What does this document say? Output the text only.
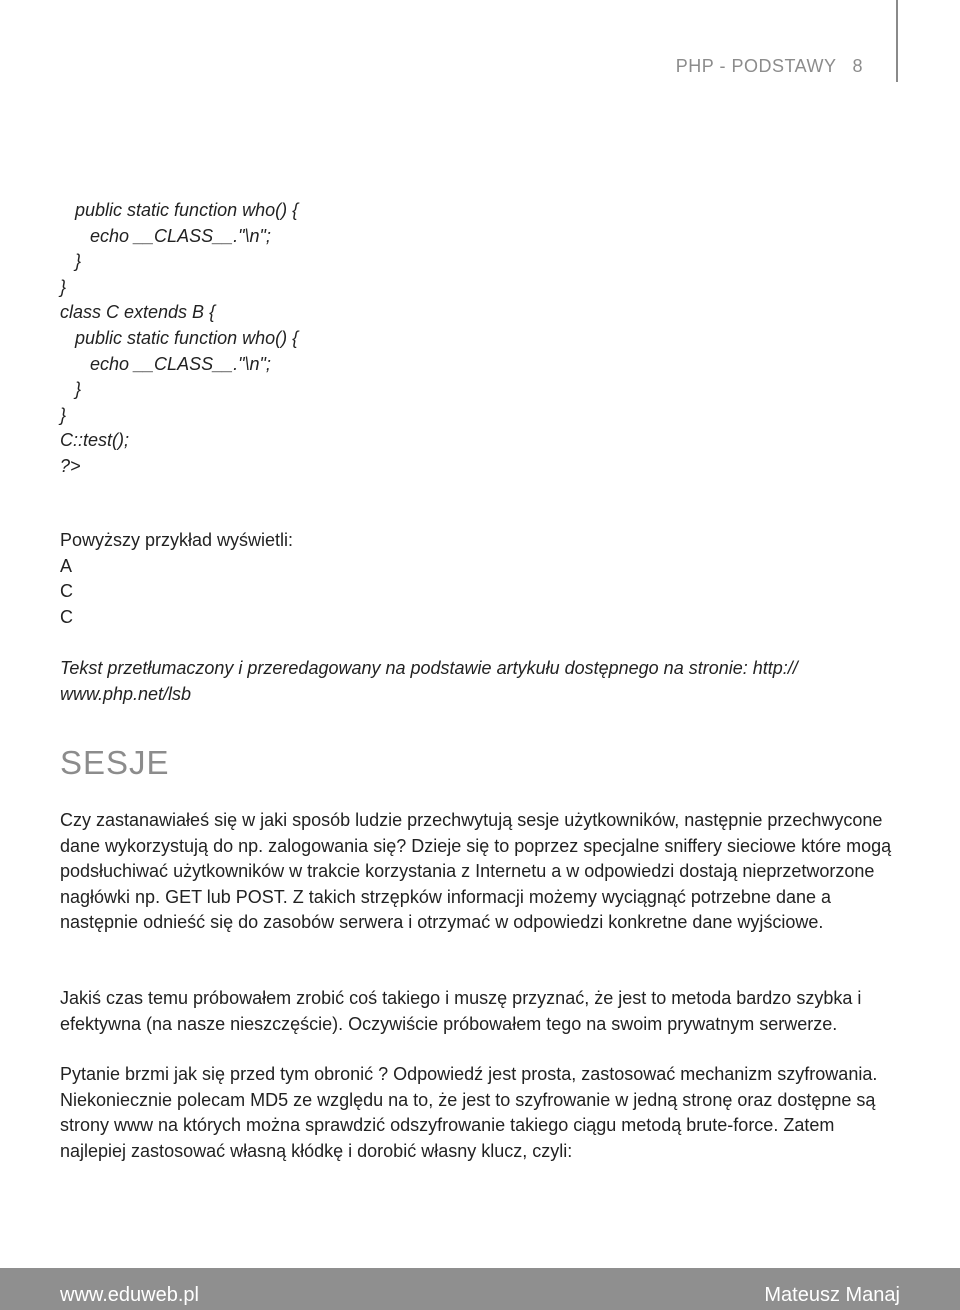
PHP - PODSTAWY 8
public static function who() {
echo __CLASS__."\n";
}
}
class C extends B {
public static function who() {
echo __CLASS__."\n";
}
}
C::test();
?>
Powyższy przykład wyświetli:
A
C
C
Tekst przetłumaczony i przeredagowany na podstawie artykułu dostępnego na stronie: http://
www.php.net/lsb
SESJE
Czy zastanawiałeś się w jaki sposób ludzie przechwytują sesje użytkowników, następnie przechwycone dane wykorzystują do np. zalogowania się? Dzieje się to poprzez specjalne sniffery sieciowe które mogą podsłuchiwać użytkowników w trakcie korzystania z Internetu a w odpowiedzi dostają nieprzetworzone nagłówki np. GET lub POST. Z takich strzępków informacji możemy wyciągnąć potrzebne dane a następnie odnieść się do zasobów serwera i otrzymać w odpowiedzi konkretne dane wyjściowe.
Jakiś czas temu próbowałem zrobić coś takiego i muszę przyznać, że jest to metoda bardzo szybka i efektywna (na nasze nieszczęście). Oczywiście próbowałem tego na swoim prywatnym serwerze.
Pytanie brzmi jak się przed tym obronić ? Odpowiedź jest prosta, zastosować mechanizm szyfrowania. Niekoniecznie polecam MD5 ze względu na to, że jest to szyfrowanie w jedną stronę oraz dostępne są strony www na których można sprawdzić odszyfrowanie takiego ciągu metodą brute-force. Zatem najlepiej zastosować własną kłódkę i dorobić własny klucz, czyli:
www.eduweb.pl	Mateusz Manaj
